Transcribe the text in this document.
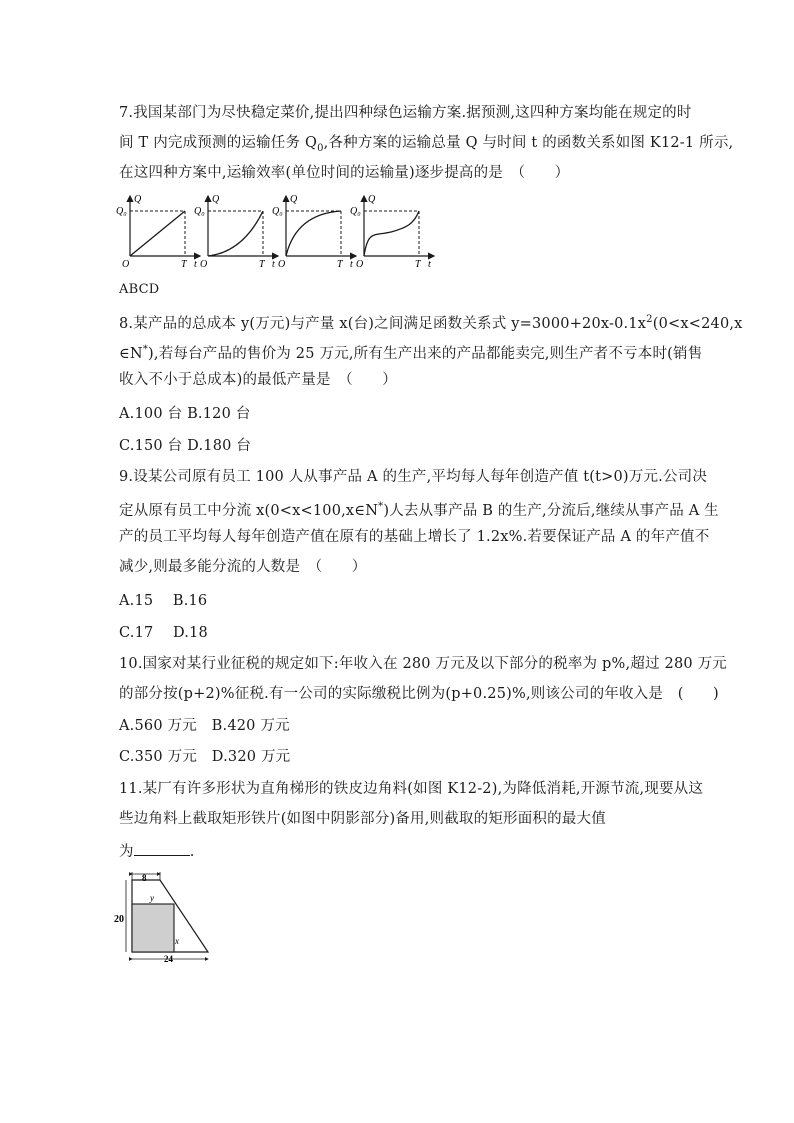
7.我国某部门为尽快稳定菜价,提出四种绿色运输方案.据预测,这四种方案均能在规定的时
间 T 内完成预测的运输任务 $Q_0$,各种方案的运输总量 Q 与时间 t 的函数关系如图 K12-1 所示,
在这四种方案中,运输效率(单位时间的运输量)逐步提高的是　（　　）
Q₀
Q
O	T t
Q₀
Q
O	T t
Q₀
Q
O	T t
Q₀
Q
O	T t
ABCD
8.某产品的总成本 y(万元)与产量 x(台)之间满足函数关系式 $y=3000+20x-0.1x^2(0<x<240,x$
∈N*),若每台产品的售价为 25 万元,所有生产出来的产品都能卖完,则生产者不亏本时(销售
收入不小于总成本)的最低产量是　（　　）
A.100 台 B.120 台
C.150 台 D.180 台
9.设某公司原有员工 100 人从事产品 A 的生产,平均每人每年创造产值 t(t>0)万元.公司决
定从原有员工中分流 x(0<x<100,x∈N*)人去从事产品 B 的生产,分流后,继续从事产品 A 生
产的员工平均每人每年创造产值在原有的基础上增长了 1.2x%.若要保证产品 A 的年产值不
减少,则最多能分流的人数是　（　　）
A.15　 B.16
C.17　 D.18
10.国家对某行业征税的规定如下:年收入在 280 万元及以下部分的税率为 p%,超过 280 万元
的部分按(p+2)%征税.有一公司的实际缴税比例为(p+0.25)%,则该公司的年收入是　(　　)
A.560 万元　B.420 万元
C.350 万元　D.320 万元
11.某厂有许多形状为直角梯形的铁皮边角料(如图 K12-2),为降低消耗,开源节流,现要从这
些边角料上截取矩形铁片(如图中阴影部分)备用,则截取的矩形面积的最大值
为	.
8
20
24
y
x
